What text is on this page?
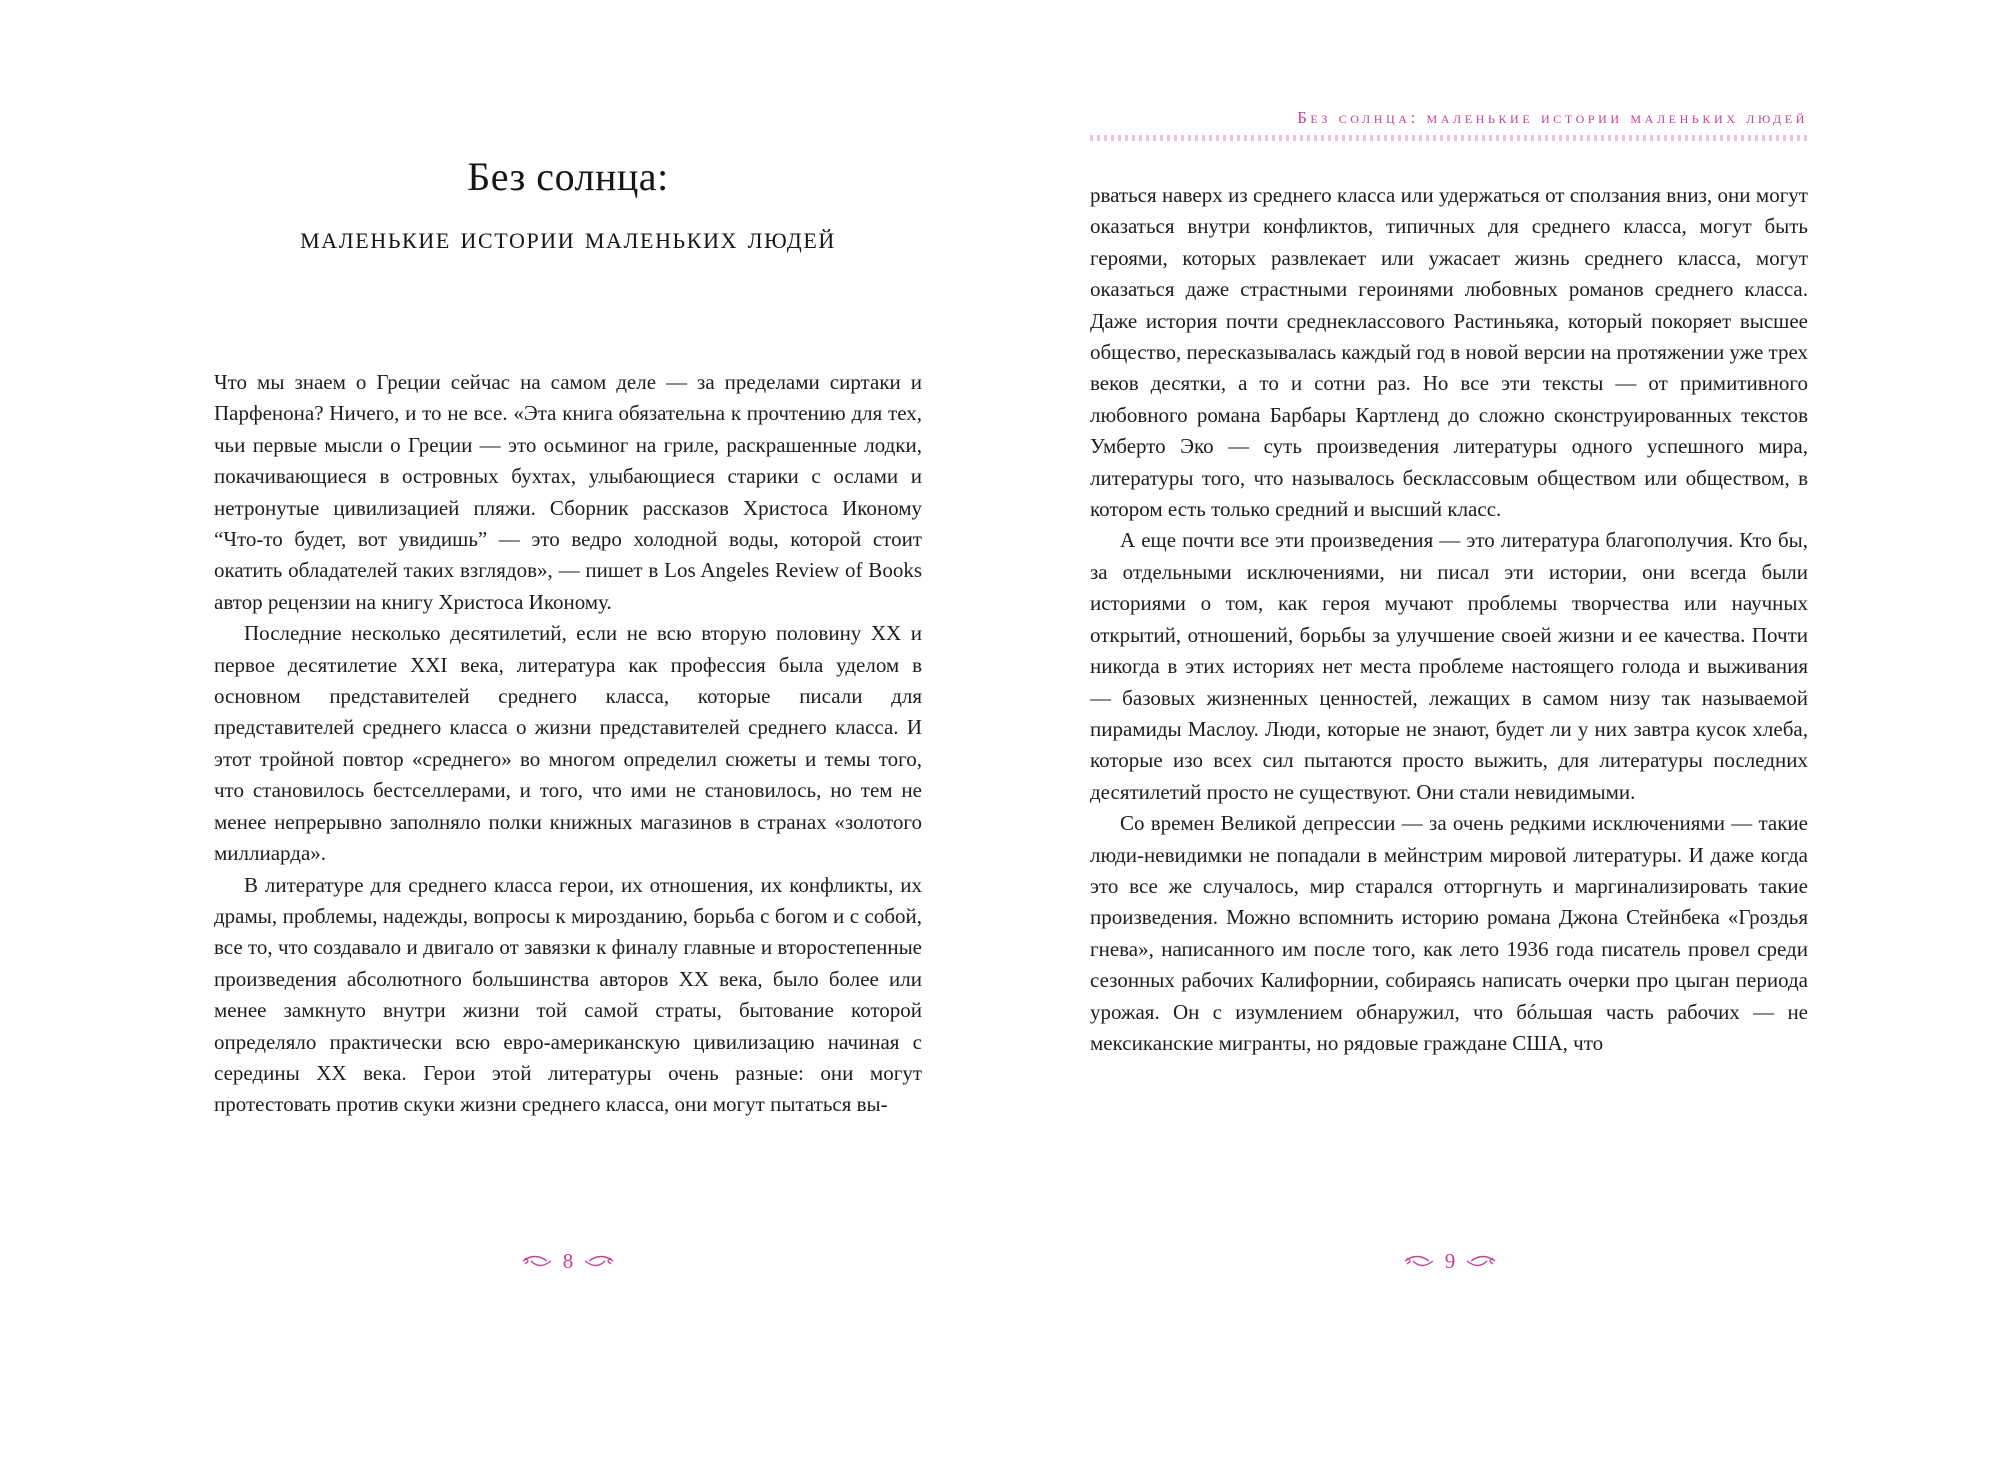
Без солнца:
маленькие истории маленьких людей

Что мы знаем о Греции сейчас на самом деле — за пределами сиртаки и Парфенона? Ничего, и то не все. «Эта книга обязательна к прочтению для тех, чьи первые мысли о Греции — это осьминог на гриле, раскрашенные лодки, покачивающиеся в островных бухтах, улыбающиеся старики с ослами и нетронутые цивилизацией пляжи. Сборник рассказов Христоса Иконому “Что-то будет, вот увидишь” — это ведро холодной воды, которой стоит окатить обладателей таких взглядов», — пишет в Los Angeles Review of Books автор рецензии на книгу Христоса Иконому.

Последние несколько десятилетий, если не всю вторую половину XX и первое десятилетие XXI века, литература как профессия была уделом в основном представителей среднего класса, которые писали для представителей среднего класса о жизни представителей среднего класса. И этот тройной повтор «среднего» во многом определил сюжеты и темы того, что становилось бестселлерами, и того, что ими не становилось, но тем не менее непрерывно заполняло полки книжных магазинов в странах «золотого миллиарда».

В литературе для среднего класса герои, их отношения, их конфликты, их драмы, проблемы, надежды, вопросы к мирозданию, борьба с богом и с собой, все то, что создавало и двигало от завязки к финалу главные и второстепенные произведения абсолютного большинства авторов XX века, было более или менее замкнуто внутри жизни той самой страты, бытование которой определяло практически всю евро-американскую цивилизацию начиная с середины XX века. Герои этой литературы очень разные: они могут протестовать против скуки жизни среднего класса, они могут пытаться вы-

8
Без солнца: маленькие истории маленьких людей

рваться наверх из среднего класса или удержаться от сползания вниз, они могут оказаться внутри конфликтов, типичных для среднего класса, могут быть героями, которых развлекает или ужасает жизнь среднего класса, могут оказаться даже страстными героинями любовных романов среднего класса. Даже история почти среднеклассового Растиньяка, который покоряет высшее общество, пересказывалась каждый год в новой версии на протяжении уже трех веков десятки, а то и сотни раз. Но все эти тексты — от примитивного любовного романа Барбары Картленд до сложно сконструированных текстов Умберто Эко — суть произведения литературы одного успешного мира, литературы того, что называлось бесклассовым обществом или обществом, в котором есть только средний и высший класс.

А еще почти все эти произведения — это литература благополучия. Кто бы, за отдельными исключениями, ни писал эти истории, они всегда были историями о том, как героя мучают проблемы творчества или научных открытий, отношений, борьбы за улучшение своей жизни и ее качества. Почти никогда в этих историях нет места проблеме настоящего голода и выживания — базовых жизненных ценностей, лежащих в самом низу так называемой пирамиды Маслоу. Люди, которые не знают, будет ли у них завтра кусок хлеба, которые изо всех сил пытаются просто выжить, для литературы последних десятилетий просто не существуют. Они стали невидимыми.

Со времен Великой депрессии — за очень редкими исключениями — такие люди-невидимки не попадали в мейнстрим мировой литературы. И даже когда это все же случалось, мир старался отторгнуть и маргинализировать такие произведения. Можно вспомнить историю романа Джона Стейнбека «Гроздья гнева», написанного им после того, как лето 1936 года писатель провел среди сезонных рабочих Калифорнии, собираясь написать очерки про цыган периода урожая. Он с изумлением обнаружил, что бóльшая часть рабочих — не мексиканские мигранты, но рядовые граждане США, что

9
